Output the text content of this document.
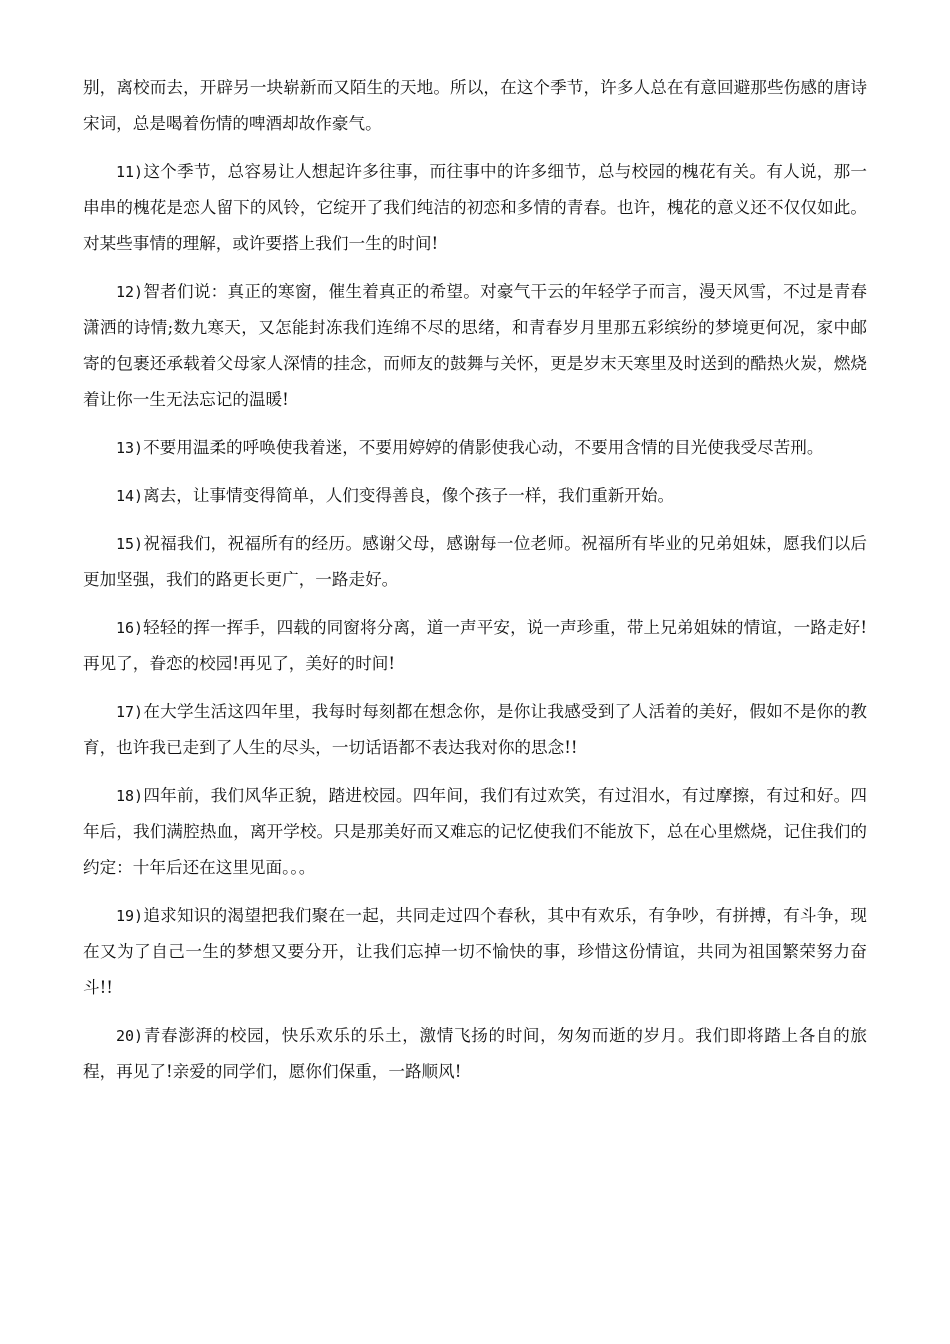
别，离校而去，开辟另一块崭新而又陌生的天地。所以，在这个季节，许多人总在有意回避那些伤感的唐诗宋词，总是喝着伤情的啤酒却故作豪气。

11)这个季节，总容易让人想起许多往事，而往事中的许多细节，总与校园的槐花有关。有人说，那一串串的槐花是恋人留下的风铃，它绽开了我们纯洁的初恋和多情的青春。也许，槐花的意义还不仅仅如此。对某些事情的理解，或许要搭上我们一生的时间!

12)智者们说：真正的寒窗，催生着真正的希望。对豪气干云的年轻学子而言，漫天风雪，不过是青春潇洒的诗情;数九寒天，又怎能封冻我们连绵不尽的思绪，和青春岁月里那五彩缤纷的梦境更何况，家中邮寄的包裹还承载着父母家人深情的挂念，而师友的鼓舞与关怀，更是岁末天寒里及时送到的酷热火炭，燃烧着让你一生无法忘记的温暖!

13)不要用温柔的呼唤使我着迷，不要用婷婷的倩影使我心动，不要用含情的目光使我受尽苦刑。

14)离去，让事情变得简单，人们变得善良，像个孩子一样，我们重新开始。

15)祝福我们，祝福所有的经历。感谢父母，感谢每一位老师。祝福所有毕业的兄弟姐妹，愿我们以后更加坚强，我们的路更长更广，一路走好。

16)轻轻的挥一挥手，四载的同窗将分离，道一声平安，说一声珍重，带上兄弟姐妹的情谊，一路走好!再见了，眷恋的校园!再见了，美好的时间!

17)在大学生活这四年里，我每时每刻都在想念你，是你让我感受到了人活着的美好，假如不是你的教育，也许我已走到了人生的尽头，一切话语都不表达我对你的思念!!

18)四年前，我们风华正貌，踏进校园。四年间，我们有过欢笑，有过泪水，有过摩擦，有过和好。四年后，我们满腔热血，离开学校。只是那美好而又难忘的记忆使我们不能放下，总在心里燃烧，记住我们的约定：十年后还在这里见面。。。

19)追求知识的渴望把我们聚在一起，共同走过四个春秋，其中有欢乐，有争吵，有拼搏，有斗争，现在又为了自己一生的梦想又要分开，让我们忘掉一切不愉快的事，珍惜这份情谊，共同为祖国繁荣努力奋斗!!

20)青春澎湃的校园，快乐欢乐的乐土，激情飞扬的时间，匆匆而逝的岁月。我们即将踏上各自的旅程，再见了!亲爱的同学们，愿你们保重，一路顺风!
